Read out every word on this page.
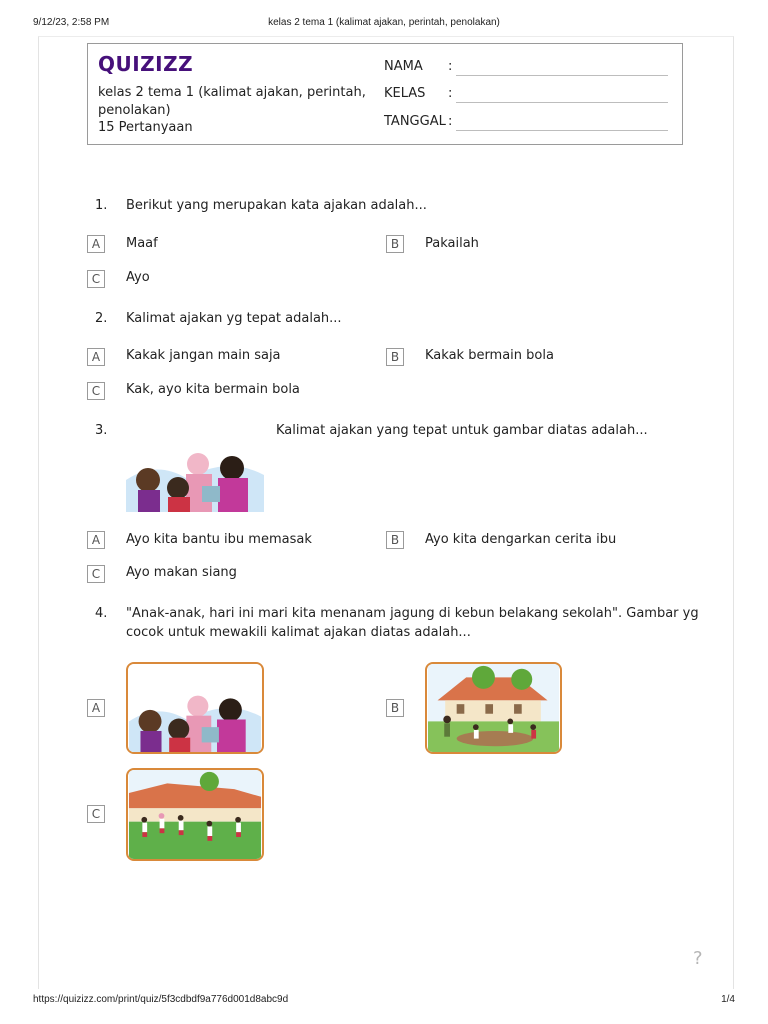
9/12/23, 2:58 PM	kelas 2 tema 1 (kalimat ajakan, perintah, penolakan)
QUIZIZZ
kelas 2 tema 1 (kalimat ajakan, perintah, penolakan)
15 Pertanyaan
NAMA :
KELAS :
TANGGAL :
1. Berikut yang merupakan kata ajakan adalah...
A	Maaf	B	Pakailah
C	Ayo
2. Kalimat ajakan yg tepat adalah...
A	Kakak jangan main saja	B	Kakak bermain bola
C	Kak, ayo kita bermain bola
3.	Kalimat ajakan yang tepat untuk gambar diatas adalah...
A	Ayo kita bantu ibu memasak	B	Ayo kita dengarkan cerita ibu
C	Ayo makan siang
4. "Anak-anak, hari ini mari kita menanam jagung di kebun belakang sekolah". Gambar yg
cocok untuk mewakili kalimat ajakan diatas adalah...
A	B
C
?
https://quizizz.com/print/quiz/5f3cdbdf9a776d001d8abc9d	1/4
